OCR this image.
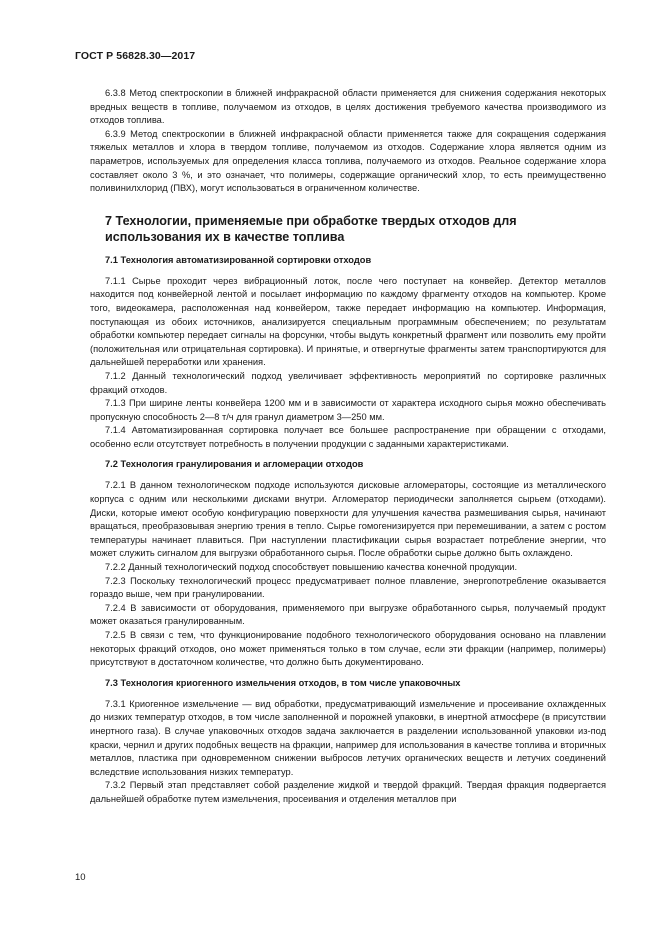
ГОСТ Р 56828.30—2017

6.3.8 Метод спектроскопии в ближней инфракрасной области применяется для снижения содержания некоторых вредных веществ в топливе, получаемом из отходов, в целях достижения требуемого качества производимого из отходов топлива.

6.3.9 Метод спектроскопии в ближней инфракрасной области применяется также для сокращения содержания тяжелых металлов и хлора в твердом топливе, получаемом из отходов. Содержание хлора является одним из параметров, используемых для определения класса топлива, получаемого из отходов. Реальное содержание хлора составляет около 3 %, и это означает, что полимеры, содержащие органический хлор, то есть преимущественно поливинилхлорид (ПВХ), могут использоваться в ограниченном количестве.

7 Технологии, применяемые при обработке твердых отходов для использования их в качестве топлива
7.1 Технология автоматизированной сортировки отходов

7.1.1 Сырье проходит через вибрационный лоток, после чего поступает на конвейер. Детектор металлов находится под конвейерной лентой и посылает информацию по каждому фрагменту отходов на компьютер. Кроме того, видеокамера, расположенная над конвейером, также передает информацию на компьютер. Информация, поступающая из обоих источников, анализируется специальным программным обеспечением; по результатам обработки компьютер передает сигналы на форсунки, чтобы выдуть конкретный фрагмент или позволить ему пройти (положительная или отрицательная сортировка). И принятые, и отвергнутые фрагменты затем транспортируются для дальнейшей переработки или хранения.

7.1.2 Данный технологический подход увеличивает эффективность мероприятий по сортировке различных фракций отходов.

7.1.3 При ширине ленты конвейера 1200 мм и в зависимости от характера исходного сырья можно обеспечивать пропускную способность 2—8 т/ч для гранул диаметром 3—250 мм.

7.1.4 Автоматизированная сортировка получает все большее распространение при обращении с отходами, особенно если отсутствует потребность в получении продукции с заданными характеристиками.

7.2 Технология гранулирования и агломерации отходов

7.2.1 В данном технологическом подходе используются дисковые агломераторы, состоящие из металлического корпуса с одним или несколькими дисками внутри. Агломератор периодически заполняется сырьем (отходами). Диски, которые имеют особую конфигурацию поверхности для улучшения качества размешивания сырья, начинают вращаться, преобразовывая энергию трения в тепло. Сырье гомогенизируется при перемешивании, а затем с ростом температуры начинает плавиться. При наступлении пластификации сырья возрастает потребление энергии, что может служить сигналом для выгрузки обработанного сырья. После обработки сырье должно быть охлаждено.

7.2.2 Данный технологический подход способствует повышению качества конечной продукции.

7.2.3 Поскольку технологический процесс предусматривает полное плавление, энергопотребление оказывается гораздо выше, чем при гранулировании.

7.2.4 В зависимости от оборудования, применяемого при выгрузке обработанного сырья, получаемый продукт может оказаться гранулированным.

7.2.5 В связи с тем, что функционирование подобного технологического оборудования основано на плавлении некоторых фракций отходов, оно может применяться только в том случае, если эти фракции (например, полимеры) присутствуют в достаточном количестве, что должно быть документировано.

7.3 Технология криогенного измельчения отходов, в том числе упаковочных

7.3.1 Криогенное измельчение — вид обработки, предусматривающий измельчение и просеивание охлажденных до низких температур отходов, в том числе заполненной и порожней упаковки, в инертной атмосфере (в присутствии инертного газа). В случае упаковочных отходов задача заключается в разделении использованной упаковки из-под краски, чернил и других подобных веществ на фракции, например для использования в качестве топлива и вторичных металлов, пластика при одновременном снижении выбросов летучих органических веществ и летучих соединений вследствие использования низких температур.

7.3.2 Первый этап представляет собой разделение жидкой и твердой фракций. Твердая фракция подвергается дальнейшей обработке путем измельчения, просеивания и отделения металлов при

10
